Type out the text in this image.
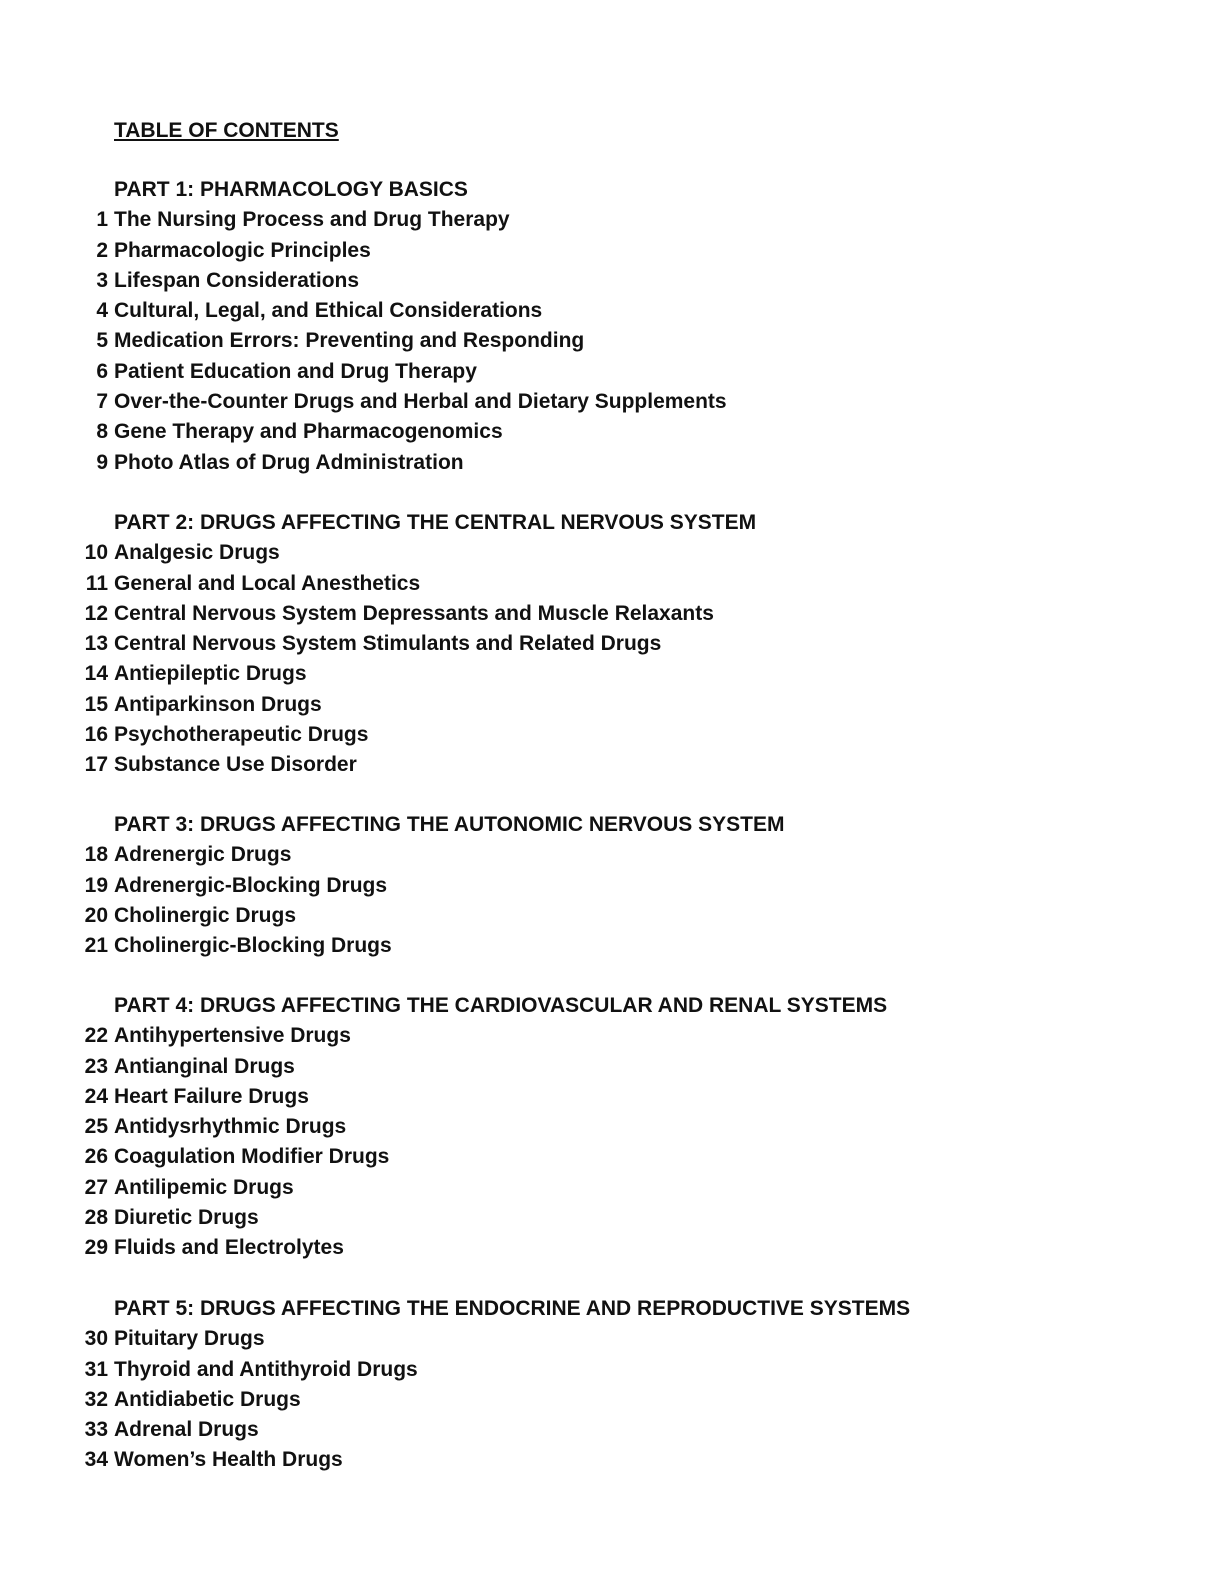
TABLE OF CONTENTS
PART 1: PHARMACOLOGY BASICS
1 The Nursing Process and Drug Therapy
2 Pharmacologic Principles
3 Lifespan Considerations
4 Cultural, Legal, and Ethical Considerations
5 Medication Errors: Preventing and Responding
6 Patient Education and Drug Therapy
7 Over-the-Counter Drugs and Herbal and Dietary Supplements
8 Gene Therapy and Pharmacogenomics
9 Photo Atlas of Drug Administration
PART 2: DRUGS AFFECTING THE CENTRAL NERVOUS SYSTEM
10 Analgesic Drugs
11 General and Local Anesthetics
12 Central Nervous System Depressants and Muscle Relaxants
13 Central Nervous System Stimulants and Related Drugs
14 Antiepileptic Drugs
15 Antiparkinson Drugs
16 Psychotherapeutic Drugs
17 Substance Use Disorder
PART 3: DRUGS AFFECTING THE AUTONOMIC NERVOUS SYSTEM
18 Adrenergic Drugs
19 Adrenergic-Blocking Drugs
20 Cholinergic Drugs
21 Cholinergic-Blocking Drugs
PART 4: DRUGS AFFECTING THE CARDIOVASCULAR AND RENAL SYSTEMS
22 Antihypertensive Drugs
23 Antianginal Drugs
24 Heart Failure Drugs
25 Antidysrhythmic Drugs
26 Coagulation Modifier Drugs
27 Antilipemic Drugs
28 Diuretic Drugs
29 Fluids and Electrolytes
PART 5: DRUGS AFFECTING THE ENDOCRINE AND REPRODUCTIVE SYSTEMS
30 Pituitary Drugs
31 Thyroid and Antithyroid Drugs
32 Antidiabetic Drugs
33 Adrenal Drugs
34 Women’s Health Drugs
